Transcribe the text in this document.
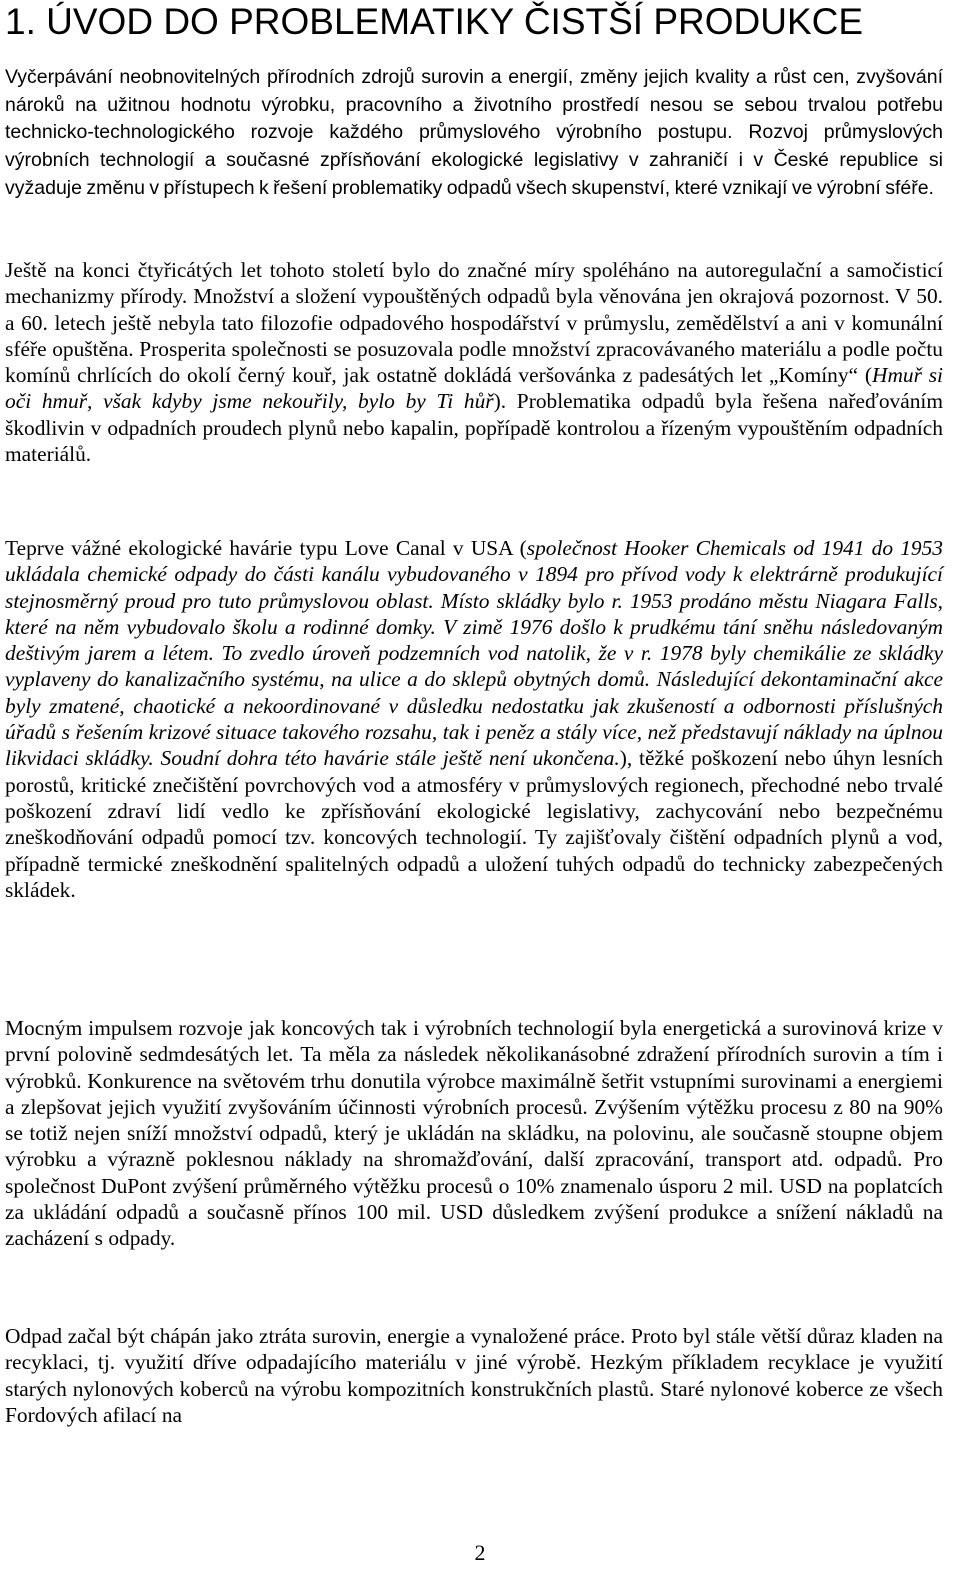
1. ÚVOD DO PROBLEMATIKY ČISTŠÍ PRODUKCE

Vyčerpávání neobnovitelných přírodních zdrojů surovin a energií, změny jejich kvality a růst cen, zvyšování nároků na užitnou hodnotu výrobku, pracovního a životního prostředí nesou se sebou trvalou potřebu technicko-technologického rozvoje každého průmyslového výrobního postupu. Rozvoj průmyslových výrobních technologií a současné zpřísňování ekologické legislativy v zahraničí i v České republice si vyžaduje změnu v přístupech k řešení problematiky odpadů všech skupenství, které vznikají ve výrobní sféře.

Ještě na konci čtyřicátých let tohoto století bylo do značné míry spoléháno na autoregulační a samočisticí mechanizmy přírody. Množství a složení vypouštěných odpadů byla věnována jen okrajová pozornost. V 50. a 60. letech ještě nebyla tato filozofie odpadového hospodářství v průmyslu, zemědělství a ani v komunální sféře opuštěna. Prosperita společnosti se posuzovala podle množství zpracovávaného materiálu a podle počtu komínů chrlících do okolí černý kouř, jak ostatně dokládá veršovánka z padesátých let „Komíny“ (Hmuř si oči hmuř, však kdyby jsme nekouřily, bylo by Ti hůř). Problematika odpadů byla řešena nařeďováním škodlivin v odpadních proudech plynů nebo kapalin, popřípadě kontrolou a řízeným vypouštěním odpadních materiálů.

Teprve vážné ekologické havárie typu Love Canal v USA (společnost Hooker Chemicals od 1941 do 1953 ukládala chemické odpady do části kanálu vybudovaného v 1894 pro přívod vody k elektrárně produkující stejnosměrný proud pro tuto průmyslovou oblast. Místo skládky bylo r. 1953 prodáno městu Niagara Falls, které na něm vybudovalo školu a rodinné domky. V zimě 1976 došlo k prudkému tání sněhu následovaným deštivým jarem a létem. To zvedlo úroveň podzemních vod natolik, že v r. 1978 byly chemikálie ze skládky vyplaveny do kanalizačního systému, na ulice a do sklepů obytných domů. Následující dekontaminační akce byly zmatené, chaotické a nekoordinované v důsledku nedostatku jak zkušeností a odbornosti příslušných úřadů s řešením krizové situace takového rozsahu, tak i peněz a stály více, než představují náklady na úplnou likvidaci skládky. Soudní dohra této havárie stále ještě není ukončena.), těžké poškození nebo úhyn lesních porostů, kritické znečištění povrchových vod a atmosféry v průmyslových regionech, přechodné nebo trvalé poškození zdraví lidí vedlo ke zpřísňování ekologické legislativy, zachycování nebo bezpečnému zneškodňování odpadů pomocí tzv. koncových technologií. Ty zajišťovaly čištění odpadních plynů a vod, případně termické zneškodnění spalitelných odpadů a uložení tuhých odpadů do technicky zabezpečených skládek.

Mocným impulsem rozvoje jak koncových tak i výrobních technologií byla energetická a surovinová krize v první polovině sedmdesátých let. Ta měla za následek několikanásobné zdražení přírodních surovin a tím i výrobků. Konkurence na světovém trhu donutila výrobce maximálně šetřit vstupními surovinami a energiemi a zlepšovat jejich využití zvyšováním účinnosti výrobních procesů. Zvýšením výtěžku procesu z 80 na 90% se totiž nejen sníží množství odpadů, který je ukládán na skládku, na polovinu, ale současně stoupne objem výrobku a výrazně poklesnou náklady na shromažďování, další zpracování, transport atd. odpadů. Pro společnost DuPont zvýšení průměrného výtěžku procesů o 10% znamenalo úsporu 2 mil. USD na poplatcích za ukládání odpadů a současně přínos 100 mil. USD důsledkem zvýšení produkce a snížení nákladů na zacházení s odpady.

Odpad začal být chápán jako ztráta surovin, energie a vynaložené práce. Proto byl stále větší důraz kladen na recyklaci, tj. využití dříve odpadajícího materiálu v jiné výrobě. Hezkým příkladem recyklace je využití starých nylonových koberců na výrobu kompozitních konstrukčních plastů. Staré nylonové koberce ze všech Fordových afilací na

2
